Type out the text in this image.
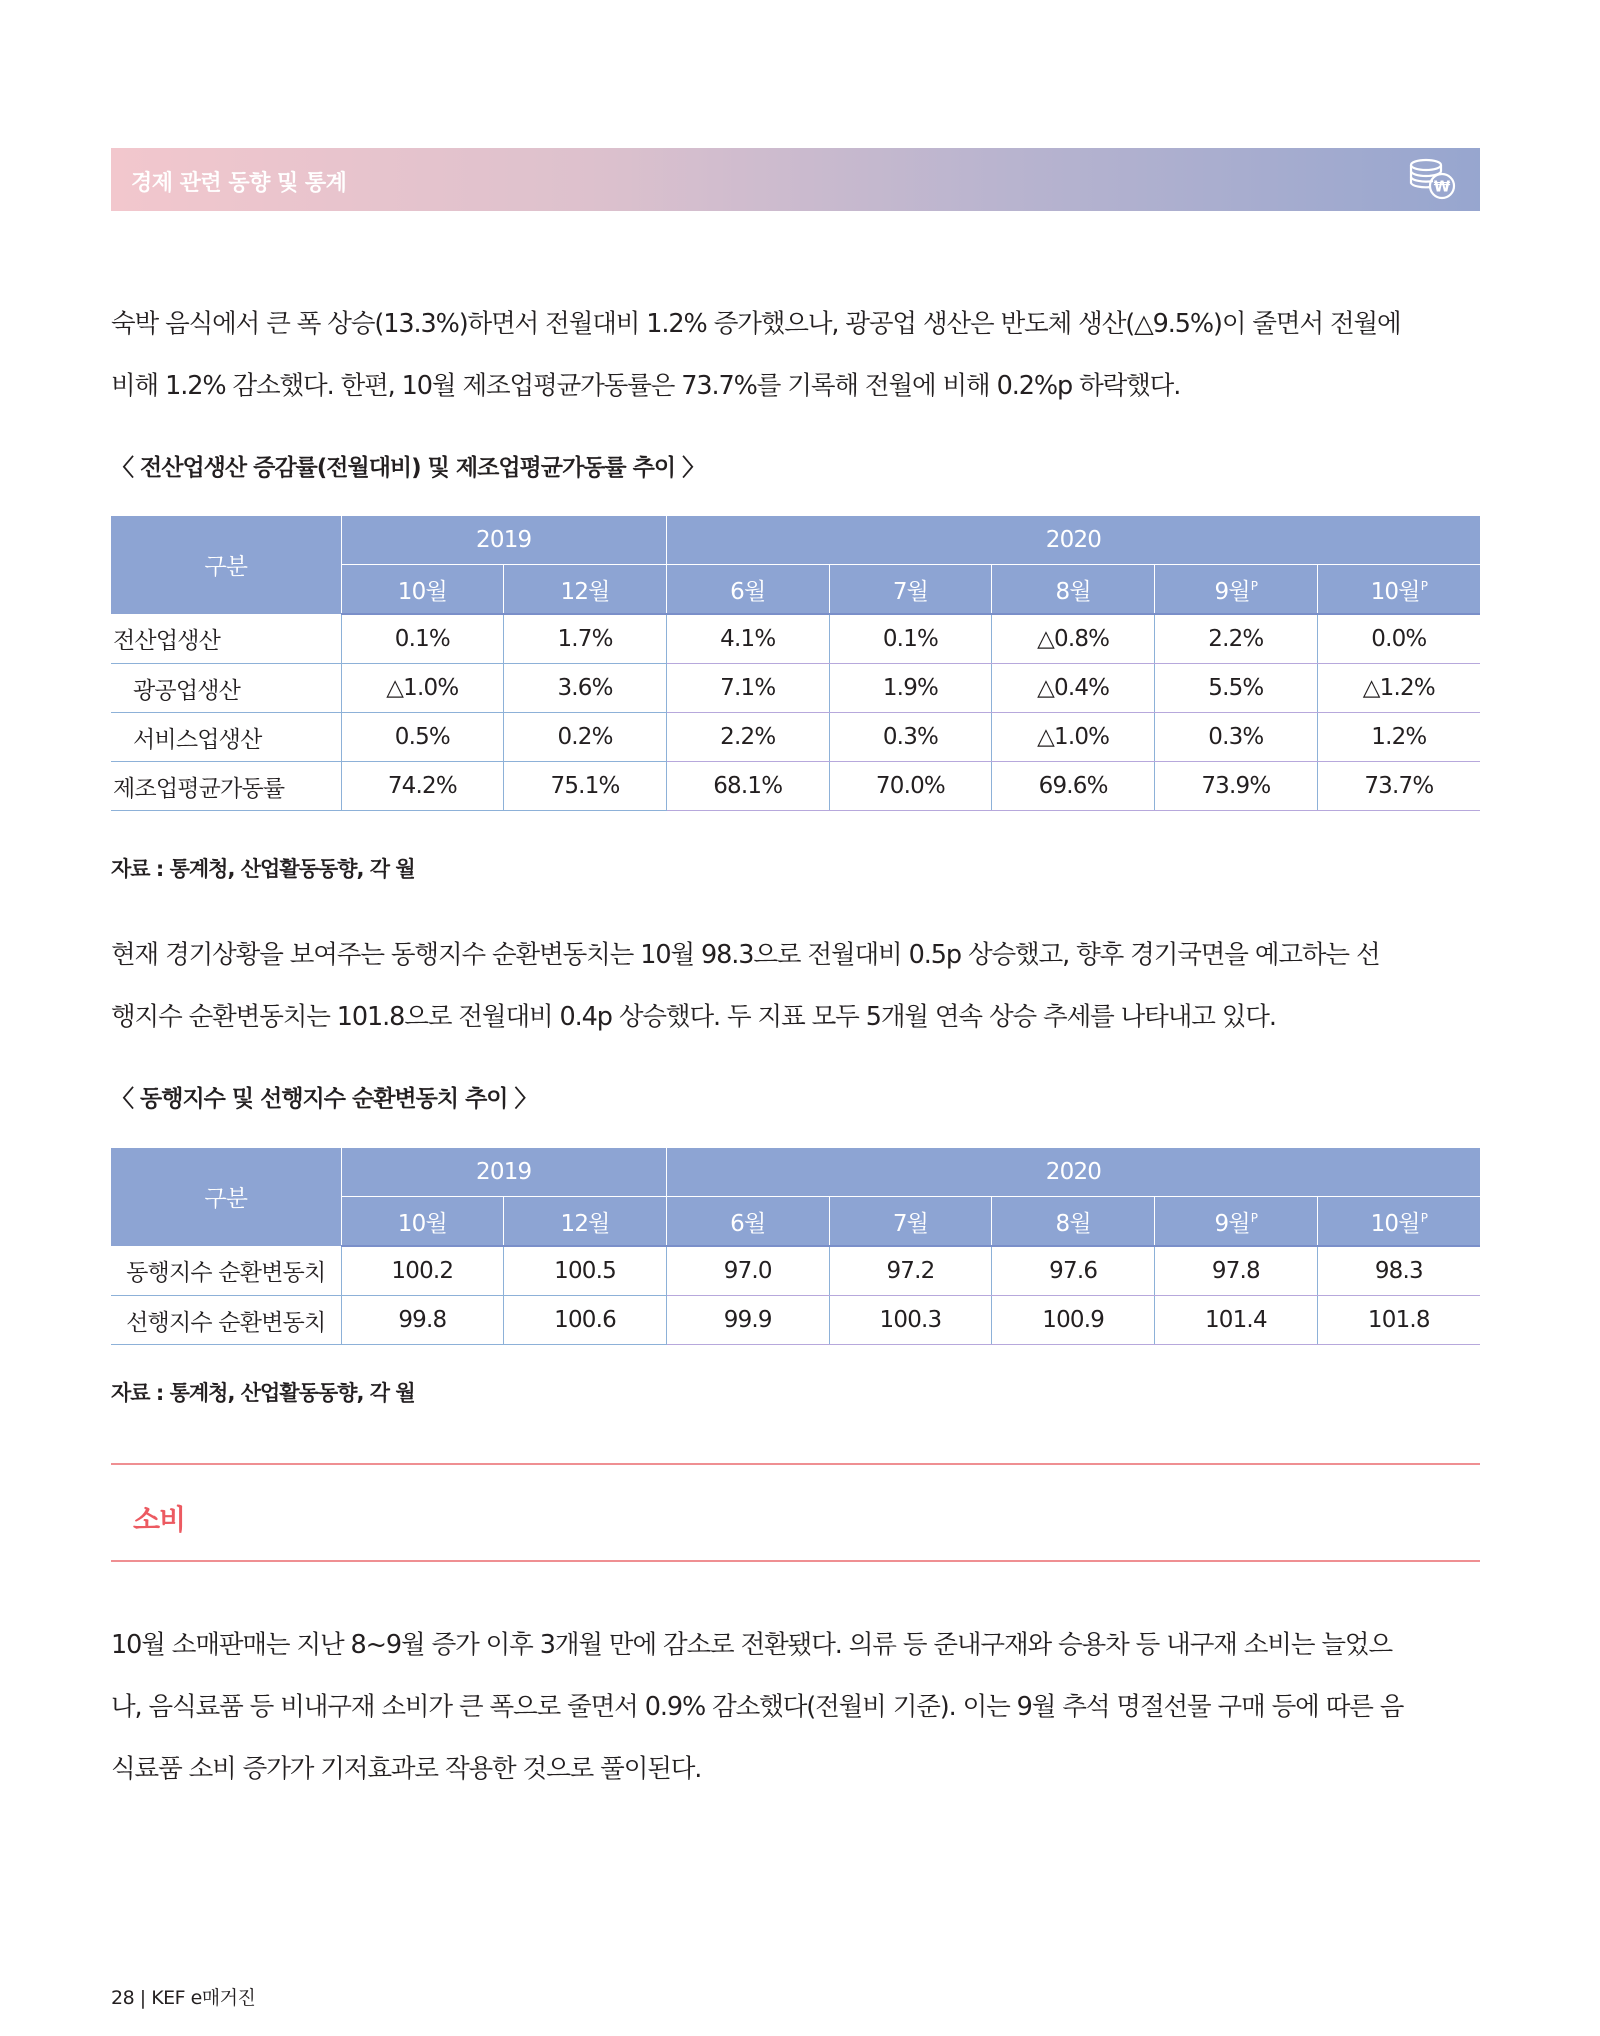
경제 관련 동향 및 통계	₩
숙박 음식에서 큰 폭 상승(13.3%)하면서 전월대비 1.2% 증가했으나, 광공업 생산은 반도체 생산(△9.5%)이 줄면서 전월에
비해 1.2% 감소했다. 한편, 10월 제조업평균가동률은 73.7%를 기록해 전월에 비해 0.2%p 하락했다.
〈 전산업생산 증감률(전월대비) 및 제조업평균가동률 추이 〉
구분	2019		2020				
	10월	12월	6월	7월	8월	9월$^P$	10월$^P$
전산업생산	0.1%	1.7%	4.1%	0.1%	△0.8%	2.2%	0.0%
광공업생산	△1.0%	3.6%	7.1%	1.9%	△0.4%	5.5%	△1.2%
서비스업생산	0.5%	0.2%	2.2%	0.3%	△1.0%	0.3%	1.2%
제조업평균가동률	74.2%	75.1%	68.1%	70.0%	69.6%	73.9%	73.7%
자료 : 통계청, 산업활동동향, 각 월
현재 경기상황을 보여주는 동행지수 순환변동치는 10월 98.3으로 전월대비 0.5p 상승했고, 향후 경기국면을 예고하는 선
행지수 순환변동치는 101.8으로 전월대비 0.4p 상승했다. 두 지표 모두 5개월 연속 상승 추세를 나타내고 있다.
〈 동행지수 및 선행지수 순환변동치 추이 〉
구분	2019		2020				
	10월	12월	6월	7월	8월	9월$^P$	10월$^P$
동행지수 순환변동치	100.2	100.5	97.0	97.2	97.6	97.8	98.3
선행지수 순환변동치	99.8	100.6	99.9	100.3	100.9	101.4	101.8
자료 : 통계청, 산업활동동향, 각 월
소비
10월 소매판매는 지난 8~9월 증가 이후 3개월 만에 감소로 전환됐다. 의류 등 준내구재와 승용차 등 내구재 소비는 늘었으
나, 음식료품 등 비내구재 소비가 큰 폭으로 줄면서 0.9% 감소했다(전월비 기준). 이는 9월 추석 명절선물 구매 등에 따른 음
식료품 소비 증가가 기저효과로 작용한 것으로 풀이된다.
28 | KEF e매거진
